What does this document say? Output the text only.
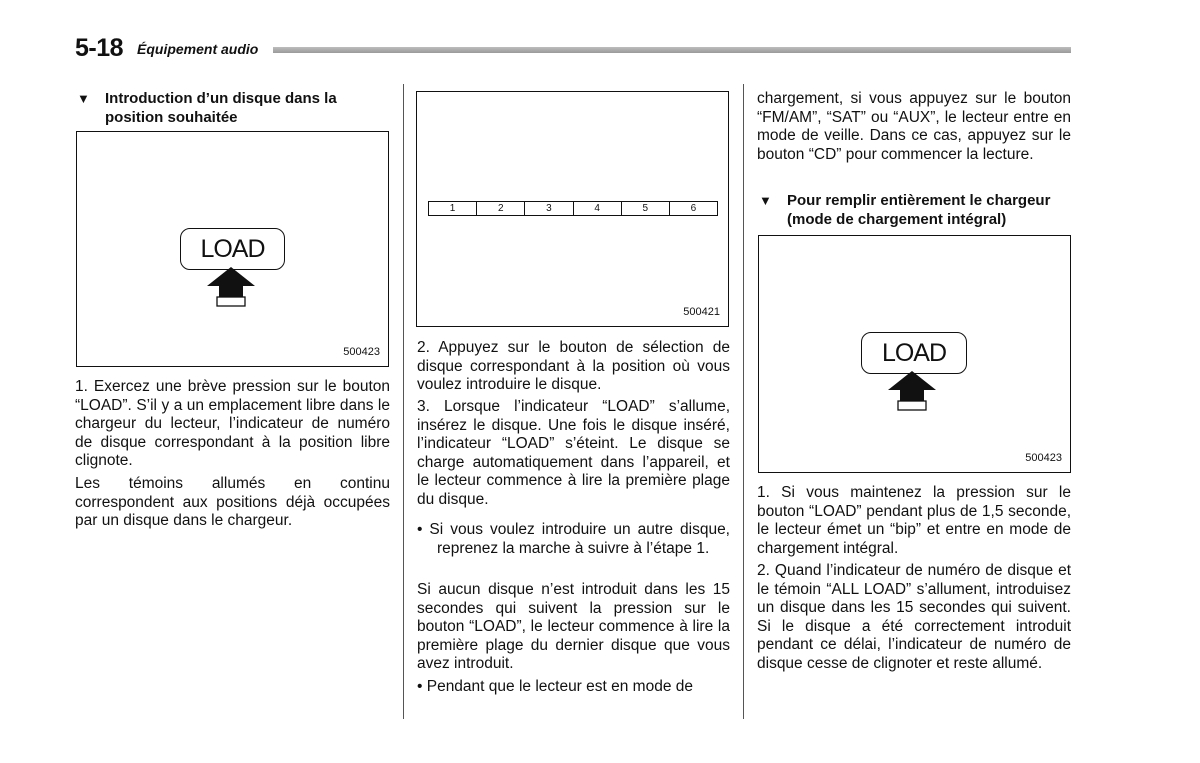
5-18 Équipement audio
▼ Introduction d’un disque dans la position souhaitée
LOAD
500423
1. Exercez une brève pression sur le bouton “LOAD”. S’il y a un emplacement libre dans le chargeur du lecteur, l’indicateur de numéro de disque correspondant à la position libre clignote.
Les témoins allumés en continu correspondent aux positions déjà occupées par un disque dans le chargeur.
1	2	3	4	5	6
500421
2. Appuyez sur le bouton de sélection de disque correspondant à la position où vous voulez introduire le disque.
3. Lorsque l’indicateur “LOAD” s’allume, insérez le disque. Une fois le disque inséré, l’indicateur “LOAD” s’éteint. Le disque se charge automatiquement dans l’appareil, et le lecteur commence à lire la première plage du disque.
• Si vous voulez introduire un autre disque, reprenez la marche à suivre à l’étape 1.
Si aucun disque n’est introduit dans les 15 secondes qui suivent la pression sur le bouton “LOAD”, le lecteur commence à lire la première plage du dernier disque que vous avez introduit.
• Pendant que le lecteur est en mode de
chargement, si vous appuyez sur le bouton “FM/AM”, “SAT” ou “AUX”, le lecteur entre en mode de veille. Dans ce cas, appuyez sur le bouton “CD” pour commencer la lecture.
▼ Pour remplir entièrement le chargeur (mode de chargement intégral)
LOAD
500423
1. Si vous maintenez la pression sur le bouton “LOAD” pendant plus de 1,5 seconde, le lecteur émet un “bip” et entre en mode de chargement intégral.
2. Quand l’indicateur de numéro de disque et le témoin “ALL LOAD” s’allument, introduisez un disque dans les 15 secondes qui suivent. Si le disque a été correctement introduit pendant ce délai, l’indicateur de numéro de disque cesse de clignoter et reste allumé.
